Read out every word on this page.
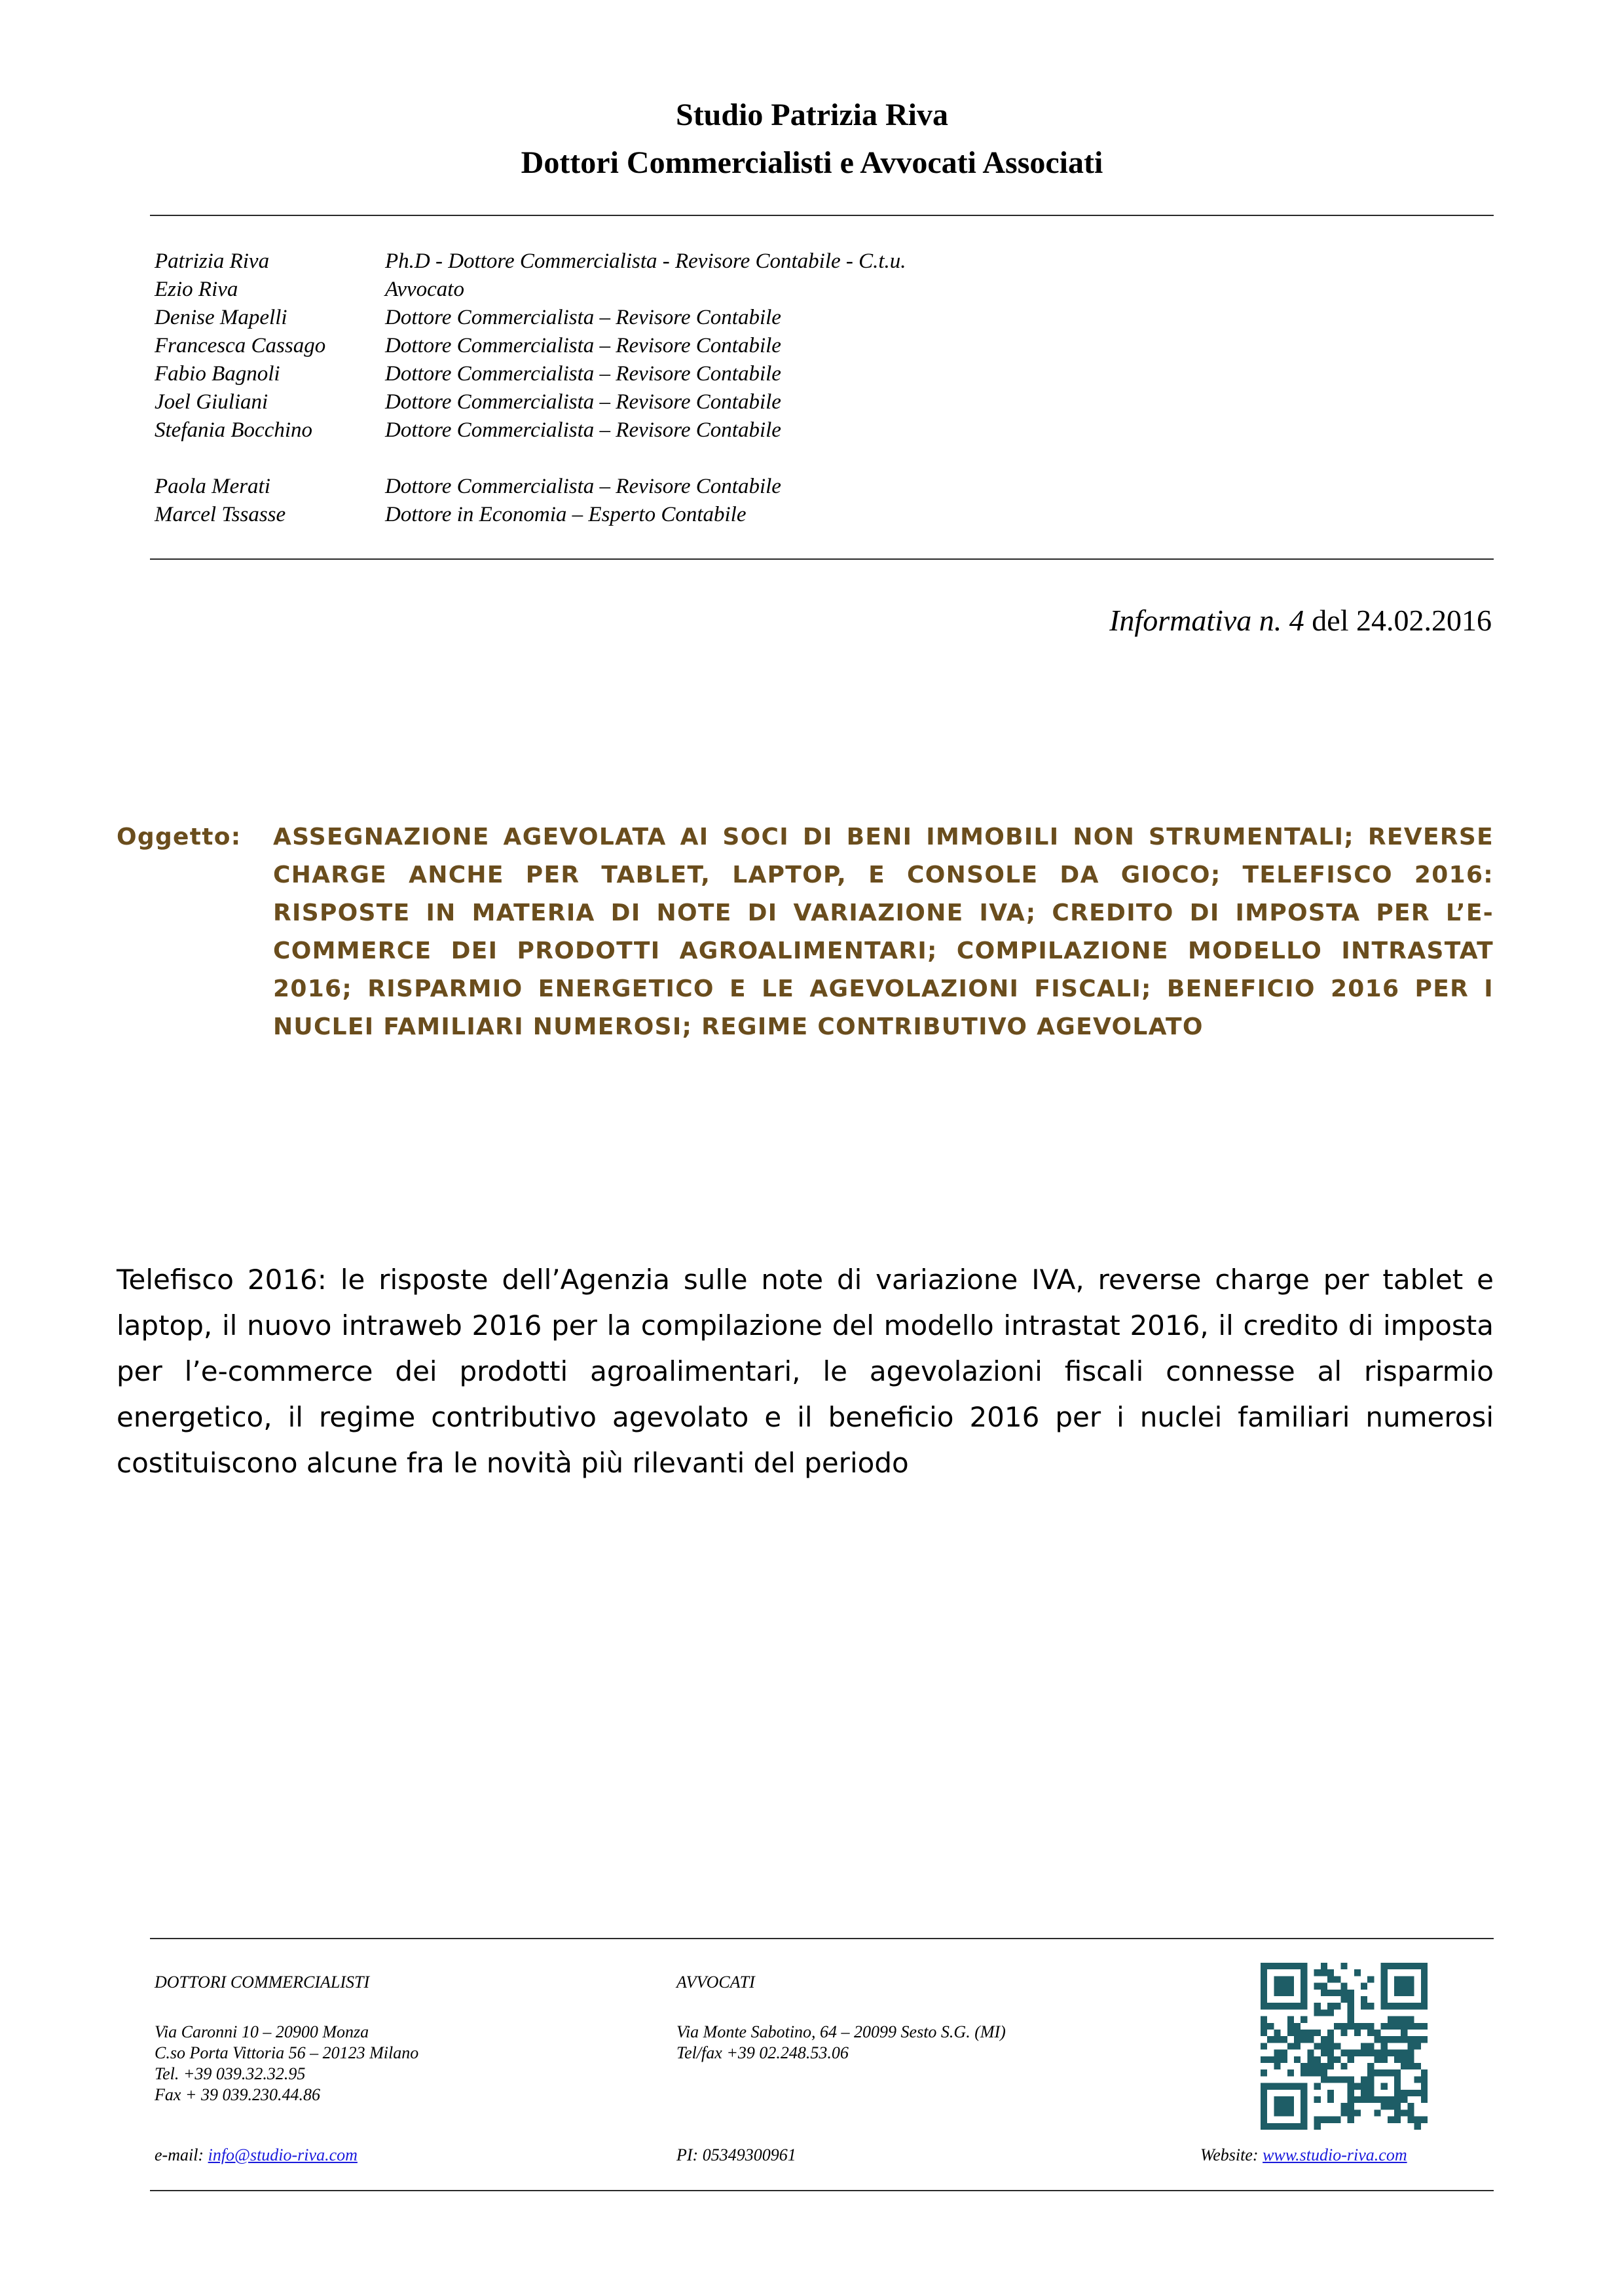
Studio Patrizia Riva
Dottori Commercialisti e Avvocati Associati
Patrizia Riva	Ph.D - Dottore Commercialista - Revisore Contabile - C.t.u.
Ezio Riva	Avvocato
Denise Mapelli	Dottore Commercialista – Revisore Contabile
Francesca Cassago	Dottore Commercialista – Revisore Contabile
Fabio Bagnoli	Dottore Commercialista – Revisore Contabile
Joel Giuliani	Dottore Commercialista – Revisore Contabile
Stefania Bocchino	Dottore Commercialista – Revisore Contabile
Paola Merati	Dottore Commercialista – Revisore Contabile
Marcel Tssasse	Dottore in Economia – Esperto Contabile
Informativa n. 4 del 24.02.2016
Oggetto: ASSEGNAZIONE AGEVOLATA AI SOCI DI BENI IMMOBILI NON STRUMENTALI; REVERSE CHARGE ANCHE PER TABLET, LAPTOP, E CONSOLE DA GIOCO; TELEFISCO 2016: RISPOSTE IN MATERIA DI NOTE DI VARIAZIONE IVA; CREDITO DI IMPOSTA PER L’E-COMMERCE DEI PRODOTTI AGROALIMENTARI; COMPILAZIONE MODELLO INTRASTAT 2016; RISPARMIO ENERGETICO E LE AGEVOLAZIONI FISCALI; BENEFICIO 2016 PER I NUCLEI FAMILIARI NUMEROSI; REGIME CONTRIBUTIVO AGEVOLATO
Telefisco 2016: le risposte dell’Agenzia sulle note di variazione IVA, reverse charge per tablet e laptop, il nuovo intraweb 2016 per la compilazione del modello intrastat 2016, il credito di imposta per l’e-commerce dei prodotti agroalimentari, le agevolazioni fiscali connesse al risparmio energetico, il regime contributivo agevolato e il beneficio 2016 per i nuclei familiari numerosi costituiscono alcune fra le novità più rilevanti del periodo
DOTTORI COMMERCIALISTI
Via Caronni 10 – 20900 Monza
C.so Porta Vittoria 56 – 20123 Milano
Tel. +39 039.32.32.95
Fax + 39 039.230.44.86
AVVOCATI
Via Monte Sabotino, 64 – 20099 Sesto S.G. (MI)
Tel/fax +39 02.248.53.06
e-mail: info@studio-riva.com	PI: 05349300961	Website: www.studio-riva.com
